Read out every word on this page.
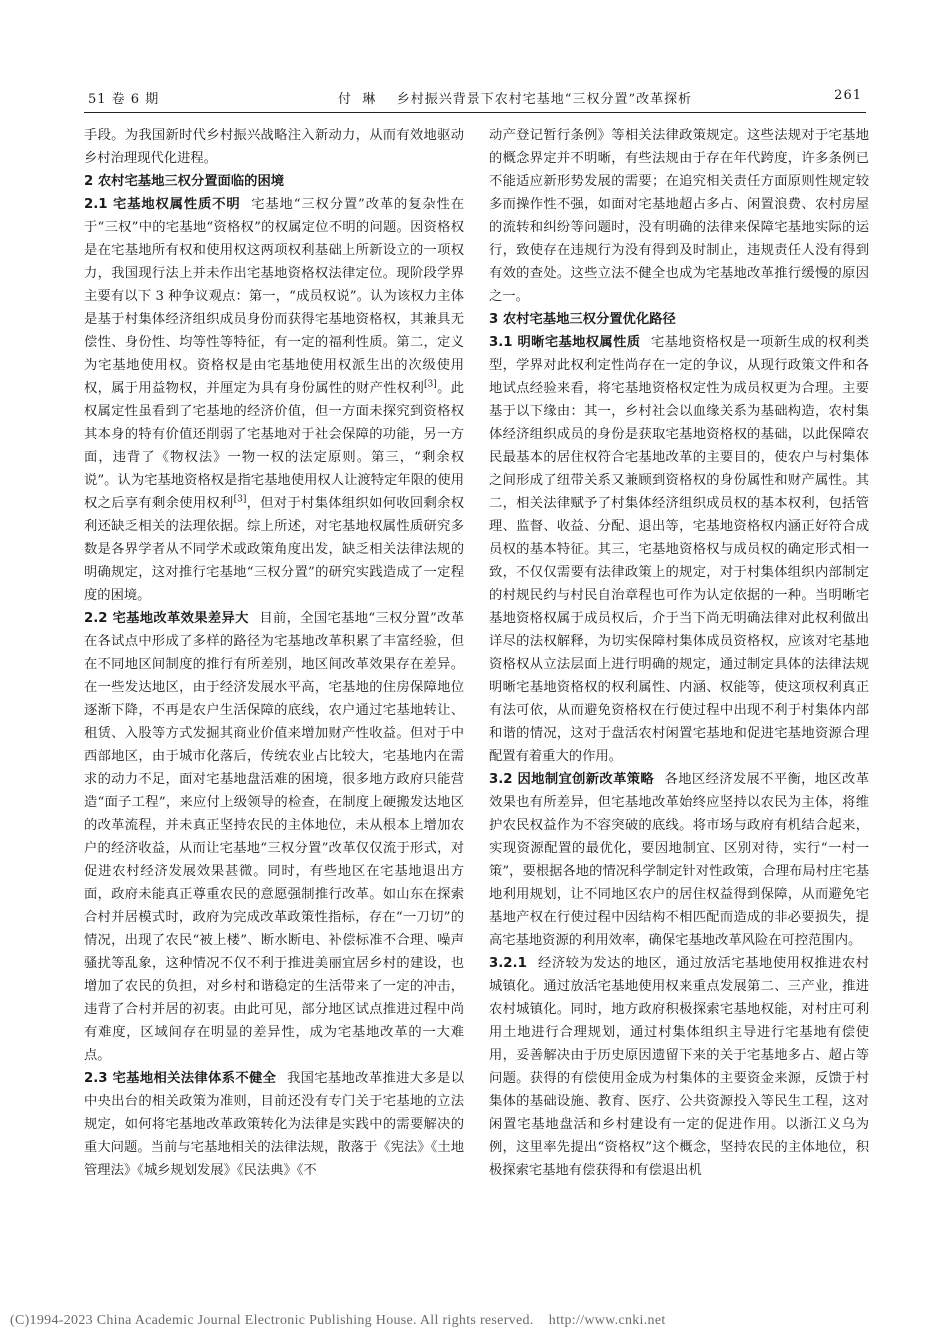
51 卷 6 期	付  琳    乡村振兴背景下农村宅基地“三权分置”改革探析	261

手段。为我国新时代乡村振兴战略注入新动力，从而有效地驱动乡村治理现代化进程。

2 农村宅基地三权分置面临的困境

2.1 宅基地权属性质不明 宅基地“三权分置”改革的复杂性在于“三权”中的宅基地“资格权”的权属定位不明的问题。因资格权是在宅基地所有权和使用权这两项权利基础上所新设立的一项权力，我国现行法上并未作出宅基地资格权法律定位。现阶段学界主要有以下 3 种争议观点：第一，“成员权说”。认为该权力主体是基于村集体经济组织成员身份而获得宅基地资格权，其兼具无偿性、身份性、均等性等特征，有一定的福利性质。第二，定义为宅基地使用权。资格权是由宅基地使用权派生出的次级使用权，属于用益物权，并厘定为具有身份属性的财产性权利[3]。此权属定性虽看到了宅基地的经济价值，但一方面未探究到资格权其本身的特有价值还削弱了宅基地对于社会保障的功能，另一方面，违背了《物权法》一物一权的法定原则。第三，“剩余权说”。认为宅基地资格权是指宅基地使用权人让渡特定年限的使用权之后享有剩余使用权利[3]，但对于村集体组织如何收回剩余权利还缺乏相关的法理依据。综上所述，对宅基地权属性质研究多数是各界学者从不同学术或政策角度出发，缺乏相关法律法规的明确规定，这对推行宅基地“三权分置”的研究实践造成了一定程度的困境。

2.2 宅基地改革效果差异大 目前，全国宅基地“三权分置”改革在各试点中形成了多样的路径为宅基地改革积累了丰富经验，但在不同地区间制度的推行有所差别，地区间改革效果存在差异。在一些发达地区，由于经济发展水平高，宅基地的住房保障地位逐渐下降，不再是农户生活保障的底线，农户通过宅基地转让、租赁、入股等方式发掘其商业价值来增加财产性收益。但对于中西部地区，由于城市化落后，传统农业占比较大，宅基地内在需求的动力不足，面对宅基地盘活难的困境，很多地方政府只能营造“面子工程”，来应付上级领导的检查，在制度上硬搬发达地区的改革流程，并未真正坚持农民的主体地位，未从根本上增加农户的经济收益，从而让宅基地“三权分置”改革仅仅流于形式，对促进农村经济发展效果甚微。同时，有些地区在宅基地退出方面，政府未能真正尊重农民的意愿强制推行改革。如山东在探索合村并居模式时，政府为完成改革政策性指标，存在“一刀切”的情况，出现了农民“被上楼”、断水断电、补偿标准不合理、噪声骚扰等乱象，这种情况不仅不利于推进美丽宜居乡村的建设，也增加了农民的负担，对乡村和谐稳定的生活带来了一定的冲击，违背了合村并居的初衷。由此可见，部分地区试点推进过程中尚有难度，区域间存在明显的差异性，成为宅基地改革的一大难点。

2.3 宅基地相关法律体系不健全 我国宅基地改革推进大多是以中央出台的相关政策为准则，目前还没有专门关于宅基地的立法规定，如何将宅基地改革政策转化为法律是实践中的需要解决的重大问题。当前与宅基地相关的法律法规，散落于《宪法》《土地管理法》《城乡规划发展》《民法典》《不

动产登记暂行条例》等相关法律政策规定。这些法规对于宅基地的概念界定并不明晰，有些法规由于存在年代跨度，许多条例已不能适应新形势发展的需要；在追究相关责任方面原则性规定较多而操作性不强，如面对宅基地超占多占、闲置浪费、农村房屋的流转和纠纷等问题时，没有明确的法律来保障宅基地实际的运行，致使存在违规行为没有得到及时制止，违规责任人没有得到有效的查处。这些立法不健全也成为宅基地改革推行缓慢的原因之一。

3 农村宅基地三权分置优化路径

3.1 明晰宅基地权属性质 宅基地资格权是一项新生成的权利类型，学界对此权利定性尚存在一定的争议，从现行政策文件和各地试点经验来看，将宅基地资格权定性为成员权更为合理。主要基于以下缘由：其一，乡村社会以血缘关系为基础构造，农村集体经济组织成员的身份是获取宅基地资格权的基础，以此保障农民最基本的居住权符合宅基地改革的主要目的，使农户与村集体之间形成了纽带关系又兼顾到资格权的身份属性和财产属性。其二，相关法律赋予了村集体经济组织成员权的基本权利，包括管理、监督、收益、分配、退出等，宅基地资格权内涵正好符合成员权的基本特征。其三，宅基地资格权与成员权的确定形式相一致，不仅仅需要有法律政策上的规定，对于村集体组织内部制定的村规民约与村民自治章程也可作为认定依据的一种。当明晰宅基地资格权属于成员权后，介于当下尚无明确法律对此权利做出详尽的法权解释，为切实保障村集体成员资格权，应该对宅基地资格权从立法层面上进行明确的规定，通过制定具体的法律法规明晰宅基地资格权的权利属性、内涵、权能等，使这项权利真正有法可依，从而避免资格权在行使过程中出现不利于村集体内部和谐的情况，这对于盘活农村闲置宅基地和促进宅基地资源合理配置有着重大的作用。

3.2 因地制宜创新改革策略 各地区经济发展不平衡，地区改革效果也有所差异，但宅基地改革始终应坚持以农民为主体，将维护农民权益作为不容突破的底线。将市场与政府有机结合起来，实现资源配置的最优化，要因地制宜、区别对待，实行“一村一策”，要根据各地的情况科学制定针对性政策，合理布局村庄宅基地利用规划，让不同地区农户的居住权益得到保障，从而避免宅基地产权在行使过程中因结构不相匹配而造成的非必要损失，提高宅基地资源的利用效率，确保宅基地改革风险在可控范围内。

3.2.1 经济较为发达的地区，通过放活宅基地使用权推进农村城镇化。通过放活宅基地使用权来重点发展第二、三产业，推进农村城镇化。同时，地方政府积极探索宅基地权能，对村庄可利用土地进行合理规划，通过村集体组织主导进行宅基地有偿使用，妥善解决由于历史原因遗留下来的关于宅基地多占、超占等问题。获得的有偿使用金成为村集体的主要资金来源，反馈于村集体的基础设施、教育、医疗、公共资源投入等民生工程，这对闲置宅基地盘活和乡村建设有一定的促进作用。以浙江义乌为例，这里率先提出“资格权”这个概念，坚持农民的主体地位，积极探索宅基地有偿获得和有偿退出机

(C)1994-2023 China Academic Journal Electronic Publishing House. All rights reserved.    http://www.cnki.net
